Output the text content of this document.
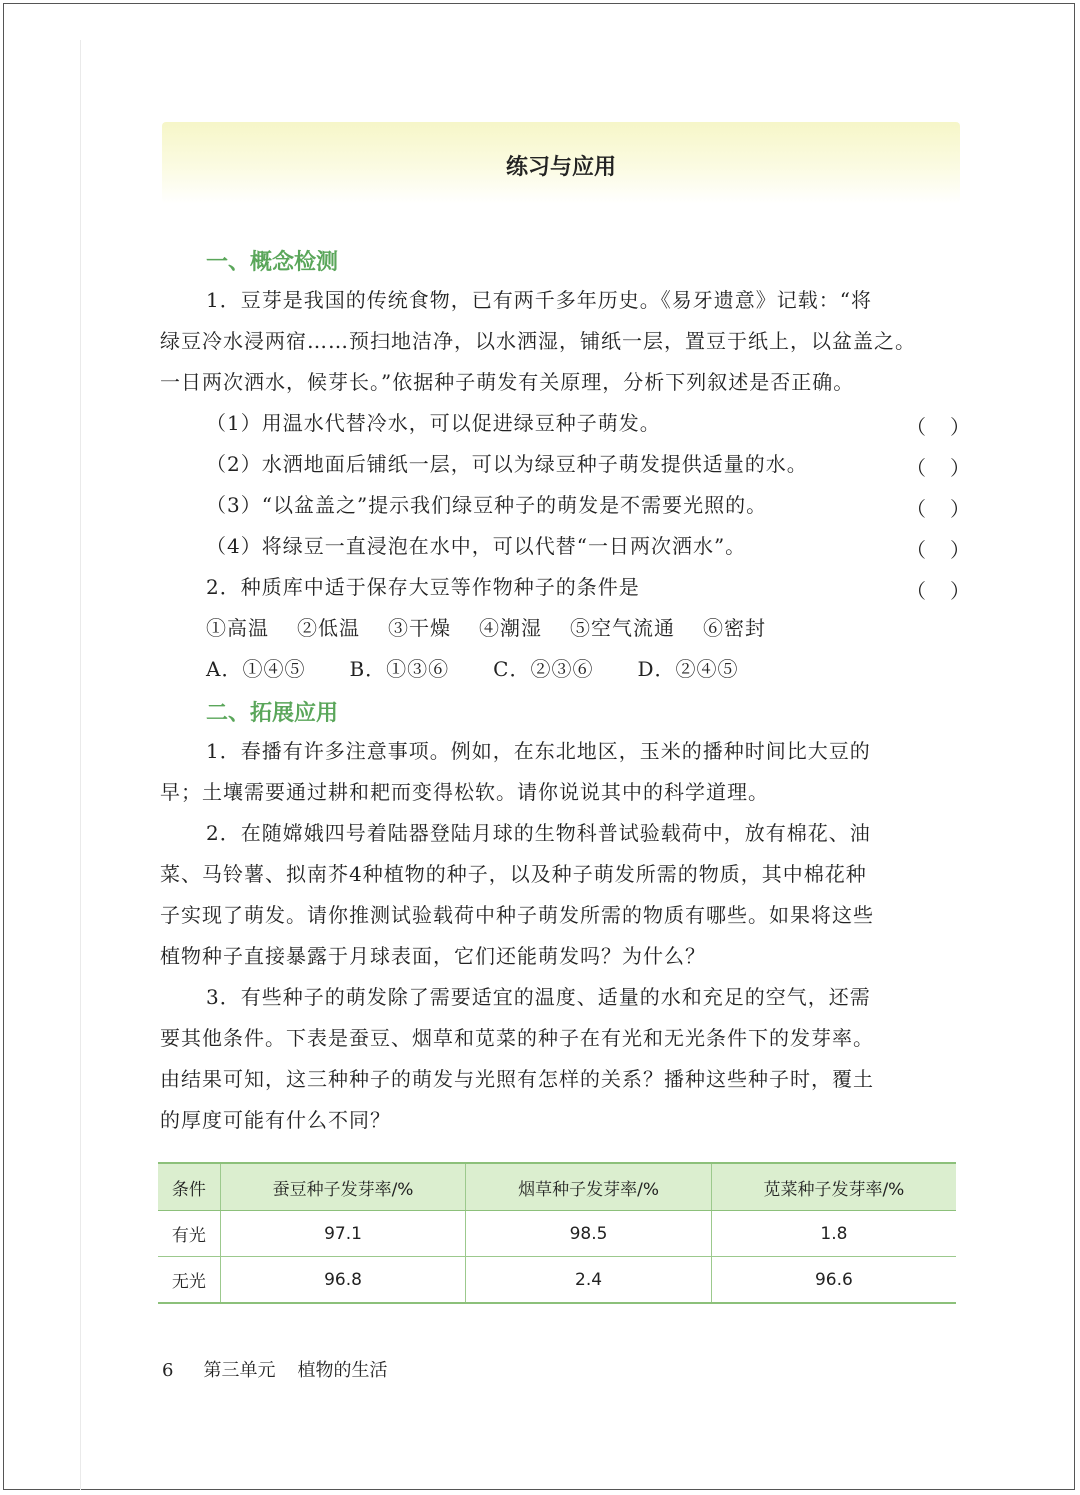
练习与应用
一、概念检测
1．豆芽是我国的传统食物，已有两千多年历史。《易牙遗意》记载：“将
绿豆冷水浸两宿……预扫地洁净，以水洒湿，铺纸一层，置豆于纸上，以盆盖之。
一日两次洒水，候芽长。”依据种子萌发有关原理，分析下列叙述是否正确。
（1）用温水代替冷水，可以促进绿豆种子萌发。	（）
（2）水洒地面后铺纸一层，可以为绿豆种子萌发提供适量的水。	（）
（3）“以盆盖之”提示我们绿豆种子的萌发是不需要光照的。	（）
（4）将绿豆一直浸泡在水中，可以代替“一日两次洒水”。	（）
2．种质库中适于保存大豆等作物种子的条件是	（）
①高温 ②低温 ③干燥 ④潮湿 ⑤空气流通 ⑥密封
A．①④⑤ B．①③⑥ C．②③⑥ D．②④⑤
二、拓展应用
1．春播有许多注意事项。例如，在东北地区，玉米的播种时间比大豆的
早；土壤需要通过耕和耙而变得松软。请你说说其中的科学道理。
2．在随嫦娥四号着陆器登陆月球的生物科普试验载荷中，放有棉花、油
菜、马铃薯、拟南芥4种植物的种子，以及种子萌发所需的物质，其中棉花种
子实现了萌发。请你推测试验载荷中种子萌发所需的物质有哪些。如果将这些
植物种子直接暴露于月球表面，它们还能萌发吗？为什么？
3．有些种子的萌发除了需要适宜的温度、适量的水和充足的空气，还需
要其他条件。下表是蚕豆、烟草和苋菜的种子在有光和无光条件下的发芽率。
由结果可知，这三种种子的萌发与光照有怎样的关系？播种这些种子时，覆土
的厚度可能有什么不同？
条件	蚕豆种子发芽率/%	烟草种子发芽率/%	苋菜种子发芽率/%
有光	97.1	98.5	1.8
无光	96.8	2.4	96.6
6 第三单元 植物的生活
